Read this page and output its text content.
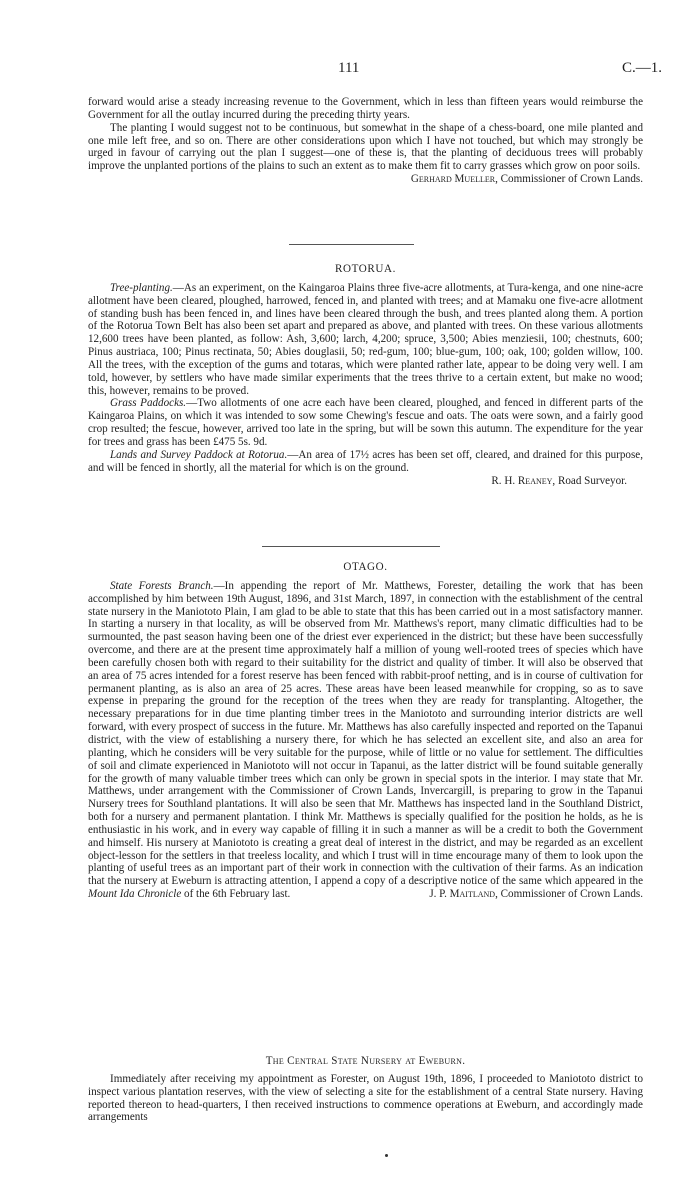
111	C.—1.

forward would arise a steady increasing revenue to the Government, which in less than fifteen years would reimburse the Government for all the outlay incurred during the preceding thirty years.

The planting I would suggest not to be continuous, but somewhat in the shape of a chess-board, one mile planted and one mile left free, and so on. There are other considerations upon which I have not touched, but which may strongly be urged in favour of carrying out the plan I suggest—one of these is, that the planting of deciduous trees will probably improve the unplanted portions of the plains to such an extent as to make them fit to carry grasses which grow on poor soils.
Gerhard Mueller, Commissioner of Crown Lands.

ROTORUA.

Tree-planting.—As an experiment, on the Kaingaroa Plains three five-acre allotments, at Tura-kenga, and one nine-acre allotment have been cleared, ploughed, harrowed, fenced in, and planted with trees; and at Mamaku one five-acre allotment of standing bush has been fenced in, and lines have been cleared through the bush, and trees planted along them. A portion of the Rotorua Town Belt has also been set apart and prepared as above, and planted with trees. On these various allotments 12,600 trees have been planted, as follow: Ash, 3,600; larch, 4,200; spruce, 3,500; Abies menziesii, 100; chestnuts, 600; Pinus austriaca, 100; Pinus rectinata, 50; Abies douglasii, 50; red-gum, 100; blue-gum, 100; oak, 100; golden willow, 100. All the trees, with the exception of the gums and totaras, which were planted rather late, appear to be doing very well. I am told, however, by settlers who have made similar experiments that the trees thrive to a certain extent, but make no wood; this, however, remains to be proved.

Grass Paddocks.—Two allotments of one acre each have been cleared, ploughed, and fenced in different parts of the Kaingaroa Plains, on which it was intended to sow some Chewing's fescue and oats. The oats were sown, and a fairly good crop resulted; the fescue, however, arrived too late in the spring, but will be sown this autumn. The expenditure for the year for trees and grass has been £475 5s. 9d.

Lands and Survey Paddock at Rotorua.—An area of 17½ acres has been set off, cleared, and drained for this purpose, and will be fenced in shortly, all the material for which is on the ground.

R. H. Reaney, Road Surveyor.

OTAGO.

State Forests Branch.—In appending the report of Mr. Matthews, Forester, detailing the work that has been accomplished by him between 19th August, 1896, and 31st March, 1897, in connection with the establishment of the central state nursery in the Maniototo Plain, I am glad to be able to state that this has been carried out in a most satisfactory manner. In starting a nursery in that locality, as will be observed from Mr. Matthews's report, many climatic difficulties had to be surmounted, the past season having been one of the driest ever experienced in the district; but these have been successfully overcome, and there are at the present time approximately half a million of young well-rooted trees of species which have been carefully chosen both with regard to their suitability for the district and quality of timber. It will also be observed that an area of 75 acres intended for a forest reserve has been fenced with rabbit-proof netting, and is in course of cultivation for permanent planting, as is also an area of 25 acres. These areas have been leased meanwhile for cropping, so as to save expense in preparing the ground for the reception of the trees when they are ready for transplanting. Altogether, the necessary preparations for in due time planting timber trees in the Maniototo and surrounding interior districts are well forward, with every prospect of success in the future. Mr. Matthews has also carefully inspected and reported on the Tapanui district, with the view of establishing a nursery there, for which he has selected an excellent site, and also an area for planting, which he considers will be very suitable for the purpose, while of little or no value for settlement. The difficulties of soil and climate experienced in Maniototo will not occur in Tapanui, as the latter district will be found suitable generally for the growth of many valuable timber trees which can only be grown in special spots in the interior. I may state that Mr. Matthews, under arrangement with the Commissioner of Crown Lands, Invercargill, is preparing to grow in the Tapanui Nursery trees for Southland plantations. It will also be seen that Mr. Matthews has inspected land in the Southland District, both for a nursery and permanent plantation. I think Mr. Matthews is specially qualified for the position he holds, as he is enthusiastic in his work, and in every way capable of filling it in such a manner as will be a credit to both the Government and himself. His nursery at Maniototo is creating a great deal of interest in the district, and may be regarded as an excellent object-lesson for the settlers in that treeless locality, and which I trust will in time encourage many of them to look upon the planting of useful trees as an important part of their work in connection with the cultivation of their farms. As an indication that the nursery at Eweburn is attracting attention, I append a copy of a descriptive notice of the same which appeared in the Mount Ida Chronicle of the 6th February last.	J. P. Maitland, Commissioner of Crown Lands.

The Central State Nursery at Eweburn.

Immediately after receiving my appointment as Forester, on August 19th, 1896, I proceeded to Maniototo district to inspect various plantation reserves, with the view of selecting a site for the establishment of a central State nursery. Having reported thereon to head-quarters, I then received instructions to commence operations at Eweburn, and accordingly made arrangements
